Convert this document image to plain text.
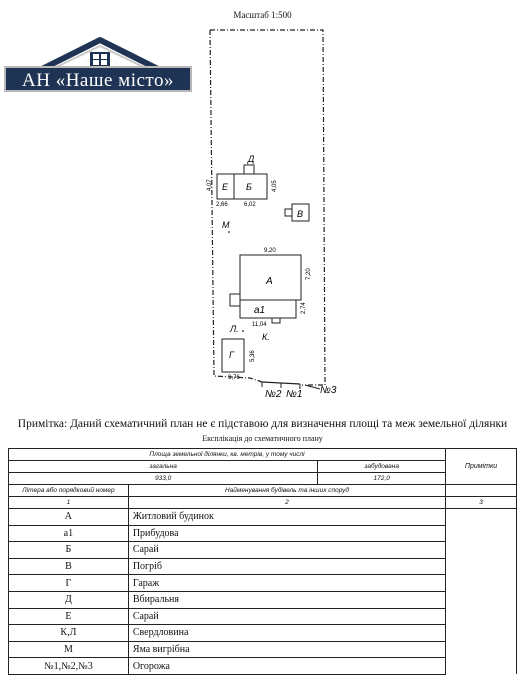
Масштаб 1:500
АН «Наше місто»
Е Б
Д
4,07
2,66	6,02
4,05
В
М
А
9,20
7,20
а1	2,74
11,04
Л.
К.
Г	5,36
3,76
№2 №1 №3
Примітка: Даний схематичний план не є підставою для визначення площі та меж земельної ділянки
Експлікація до схематичного плану
Площа земельної ділянки, кв. метрів, у тому числі			Примітки
загальна		забудована	
933,0		172,0	
Літера або порядковий номер	Найменування будівель та інших споруд		
1	2		3
А	Житловий будинок		
а1	Прибудова		
Б	Сарай		
В	Погріб		
Г	Гараж		
Д	Вбиральня		
Е	Сарай		
К,Л	Свердловина		
М	Яма вигрібна		
№1,№2,№3	Огорожа		
